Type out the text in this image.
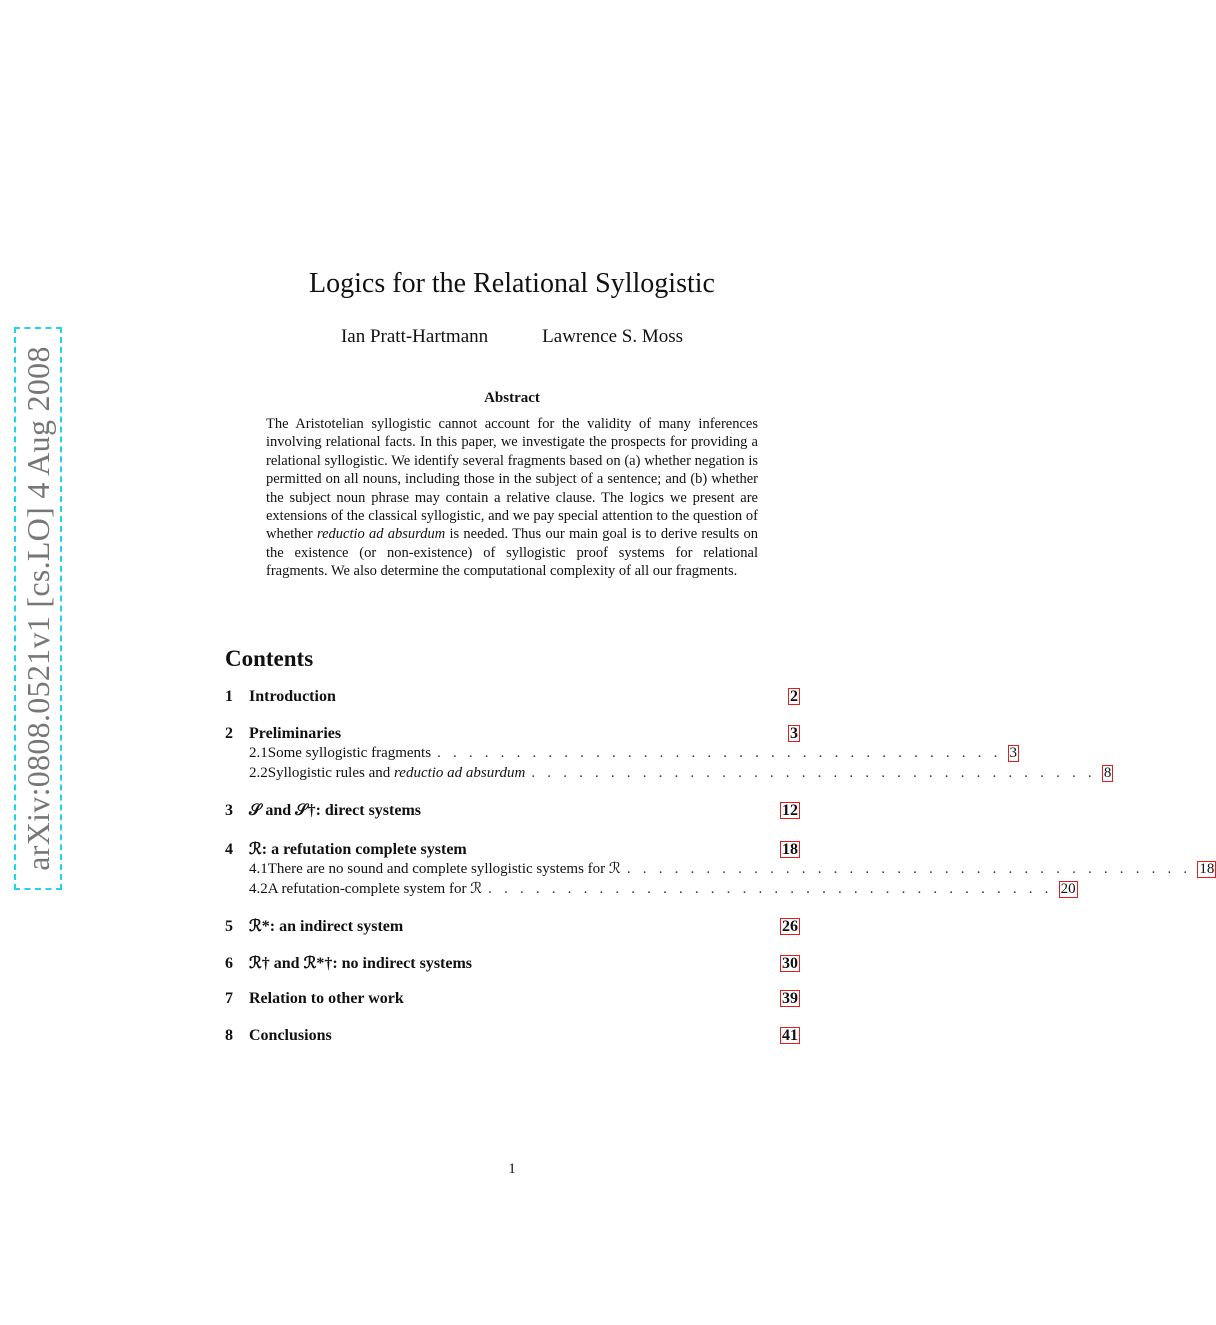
arXiv:0808.0521v1 [cs.LO] 4 Aug 2008
Logics for the Relational Syllogistic
Ian Pratt-Hartmann	Lawrence S. Moss
Abstract
The Aristotelian syllogistic cannot account for the validity of many inferences involving relational facts. In this paper, we investigate the prospects for providing a relational syllogistic. We identify several fragments based on (a) whether negation is permitted on all nouns, including those in the subject of a sentence; and (b) whether the subject noun phrase may contain a relative clause. The logics we present are extensions of the classical syllogistic, and we pay special attention to the question of whether reductio ad absurdum is needed. Thus our main goal is to derive results on the existence (or non-existence) of syllogistic proof systems for relational fragments. We also determine the computational complexity of all our fragments.
Contents
1	Introduction	2
2	Preliminaries	3
2.1 Some syllogistic fragments . . . . . . . . . . . . . . . . . . . . . . . . . . . . . . . . . . . . 3
2.2 Syllogistic rules and reductio ad absurdum . . . . . . . . . . . . . . . . . . . . . . . . . . . . . . . . . . . . 8
3	𝒮 and 𝒮†: direct systems	12
4	ℛ: a refutation complete system	18
4.1 There are no sound and complete syllogistic systems for ℛ . . . . . . . . . . . . . . . . . . . . . . . . . . . . . . . . . . . . 18
4.2 A refutation-complete system for ℛ . . . . . . . . . . . . . . . . . . . . . . . . . . . . . . . . . . . . 20
5	ℛ*: an indirect system	26
6	ℛ† and ℛ*†: no indirect systems	30
7	Relation to other work	39
8	Conclusions	41
1
